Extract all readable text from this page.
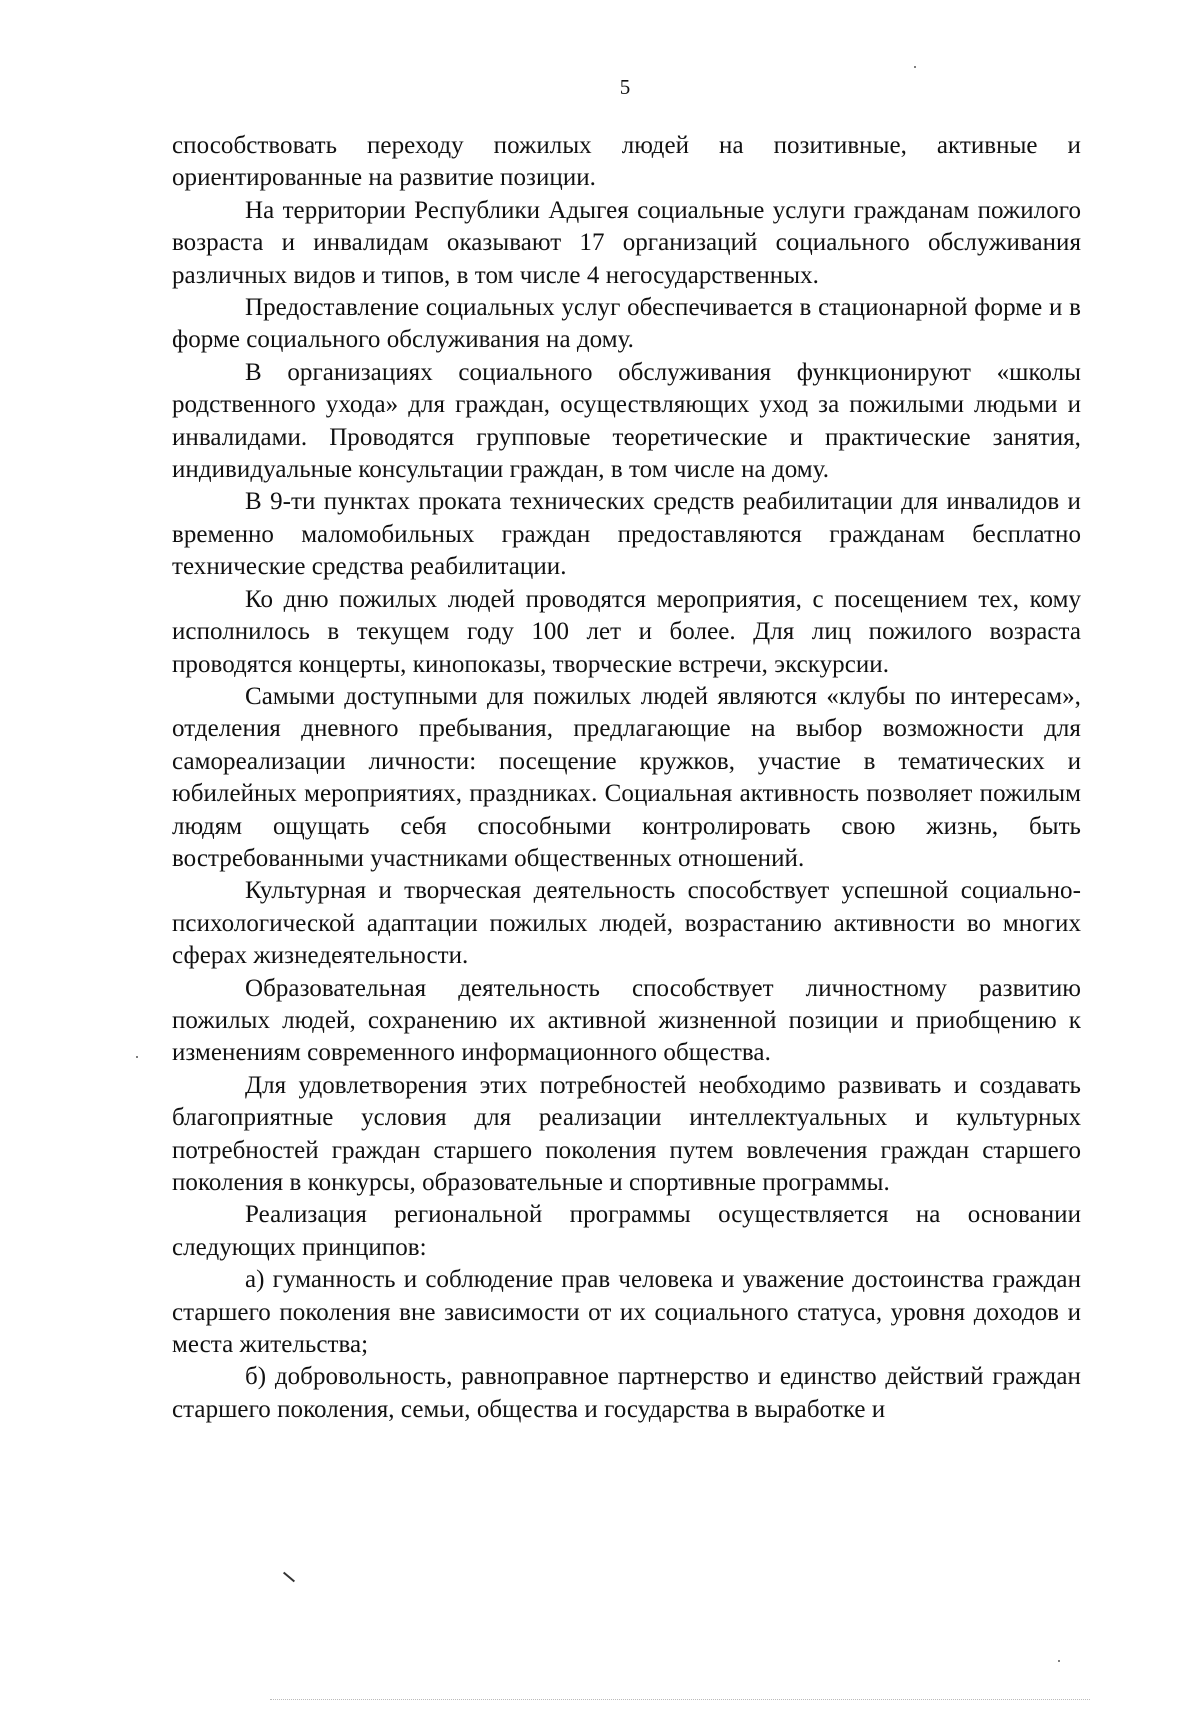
5

способствовать переходу пожилых людей на позитивные, активные и ориентированные на развитие позиции.

На территории Республики Адыгея социальные услуги гражданам пожилого возраста и инвалидам оказывают 17 организаций социального обслуживания различных видов и типов, в том числе 4 негосударственных.

Предоставление социальных услуг обеспечивается в стационарной форме и в форме социального обслуживания на дому.

В организациях социального обслуживания функционируют «школы родственного ухода» для граждан, осуществляющих уход за пожилыми людьми и инвалидами. Проводятся групповые теоретические и практические занятия, индивидуальные консультации граждан, в том числе на дому.

В 9-ти пунктах проката технических средств реабилитации для инвалидов и временно маломобильных граждан предоставляются гражданам бесплатно технические средства реабилитации.

Ко дню пожилых людей проводятся мероприятия, с посещением тех, кому исполнилось в текущем году 100 лет и более. Для лиц пожилого возраста проводятся концерты, кинопоказы, творческие встречи, экскурсии.

Самыми доступными для пожилых людей являются «клубы по интересам», отделения дневного пребывания, предлагающие на выбор возможности для самореализации личности: посещение кружков, участие в тематических и юбилейных мероприятиях, праздниках. Социальная активность позволяет пожилым людям ощущать себя способными контролировать свою жизнь, быть востребованными участниками общественных отношений.

Культурная и творческая деятельность способствует успешной социально-психологической адаптации пожилых людей, возрастанию активности во многих сферах жизнедеятельности.

Образовательная деятельность способствует личностному развитию пожилых людей, сохранению их активной жизненной позиции и приобщению к изменениям современного информационного общества.

Для удовлетворения этих потребностей необходимо развивать и создавать благоприятные условия для реализации интеллектуальных и культурных потребностей граждан старшего поколения путем вовлечения граждан старшего поколения в конкурсы, образовательные и спортивные программы.

Реализация региональной программы осуществляется на основании следующих принципов:

а) гуманность и соблюдение прав человека и уважение достоинства граждан старшего поколения вне зависимости от их социального статуса, уровня доходов и места жительства;

б) добровольность, равноправное партнерство и единство действий граждан старшего поколения, семьи, общества и государства в выработке и
